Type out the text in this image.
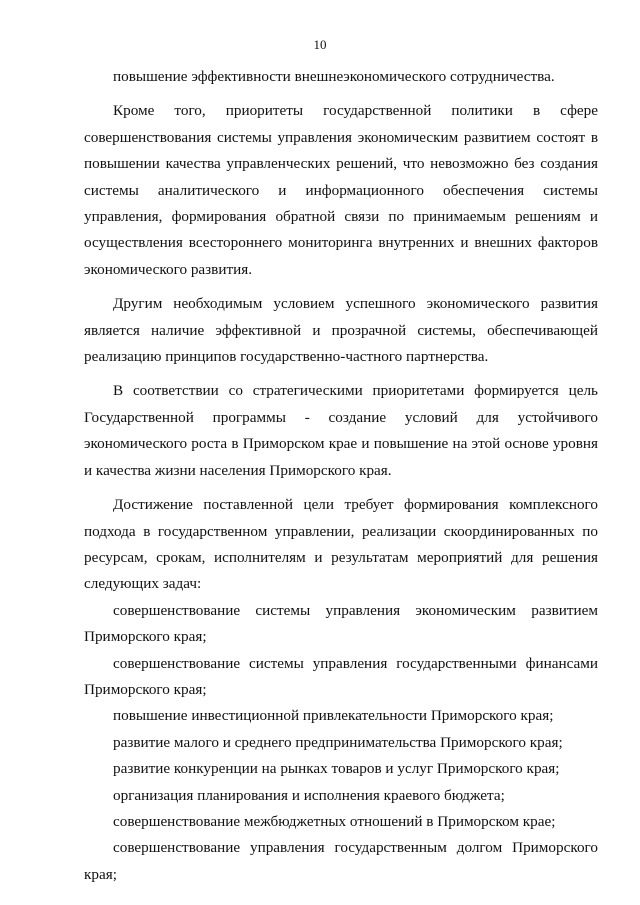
10

повышение эффективности внешнеэкономического сотрудничества.

Кроме того, приоритеты государственной политики в сфере совершенствования системы управления экономическим развитием состоят в повышении качества управленческих решений, что невозможно без создания системы аналитического и информационного обеспечения системы управления, формирования обратной связи по принимаемым решениям и осуществления всестороннего мониторинга внутренних и внешних факторов экономического развития.

Другим необходимым условием успешного экономического развития является наличие эффективной и прозрачной системы, обеспечивающей реализацию принципов государственно-частного партнерства.

В соответствии со стратегическими приоритетами формируется цель Государственной программы - создание условий для устойчивого экономического роста в Приморском крае и повышение на этой основе уровня и качества жизни населения Приморского края.

Достижение поставленной цели требует формирования комплексного подхода в государственном управлении, реализации скоординированных по ресурсам, срокам, исполнителям и результатам мероприятий для решения следующих задач:

совершенствование системы управления экономическим развитием Приморского края;

совершенствование системы управления государственными финансами Приморского края;

повышение инвестиционной привлекательности Приморского края;

развитие малого и среднего предпринимательства Приморского края;

развитие конкуренции на рынках товаров и услуг Приморского края;

организация планирования и исполнения краевого бюджета;

совершенствование межбюджетных отношений в Приморском крае;

совершенствование управления государственным долгом Приморского края;
